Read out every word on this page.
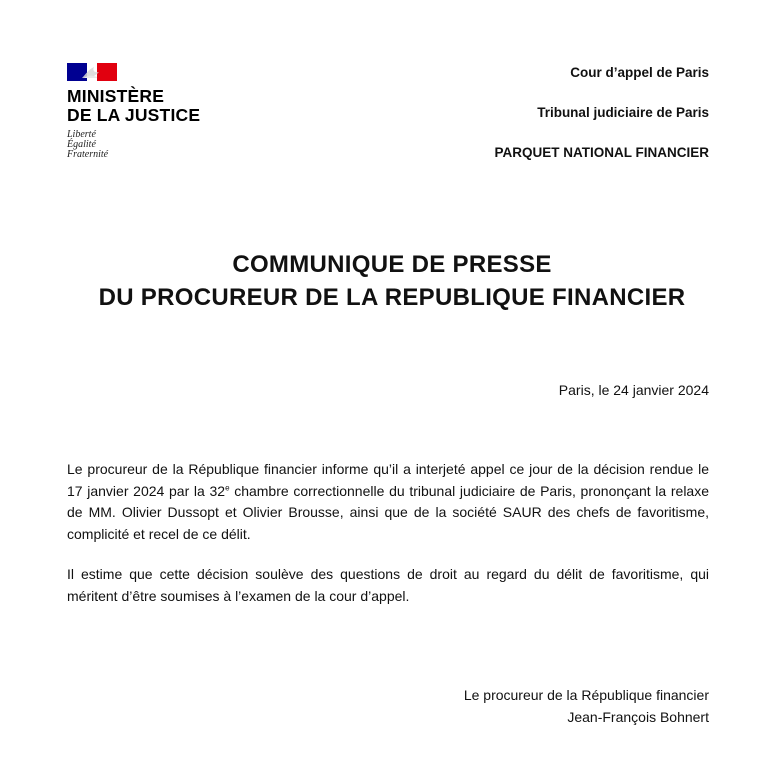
MINISTÈRE
DE LA JUSTICE
Liberté
Égalité
Fraternité
Cour d’appel de Paris
Tribunal judiciaire de Paris
PARQUET NATIONAL FINANCIER
COMMUNIQUE DE PRESSE
DU PROCUREUR DE LA REPUBLIQUE FINANCIER
Paris, le 24 janvier 2024
Le procureur de la République financier informe qu’il a interjeté appel ce jour de la décision rendue le 17 janvier 2024 par la 32e chambre correctionnelle du tribunal judiciaire de Paris, prononçant la relaxe de MM. Olivier Dussopt et Olivier Brousse, ainsi que de la société SAUR des chefs de favoritisme, complicité et recel de ce délit.
Il estime que cette décision soulève des questions de droit au regard du délit de favoritisme, qui méritent d’être soumises à l’examen de la cour d’appel.
Le procureur de la République financier
Jean-François Bohnert
